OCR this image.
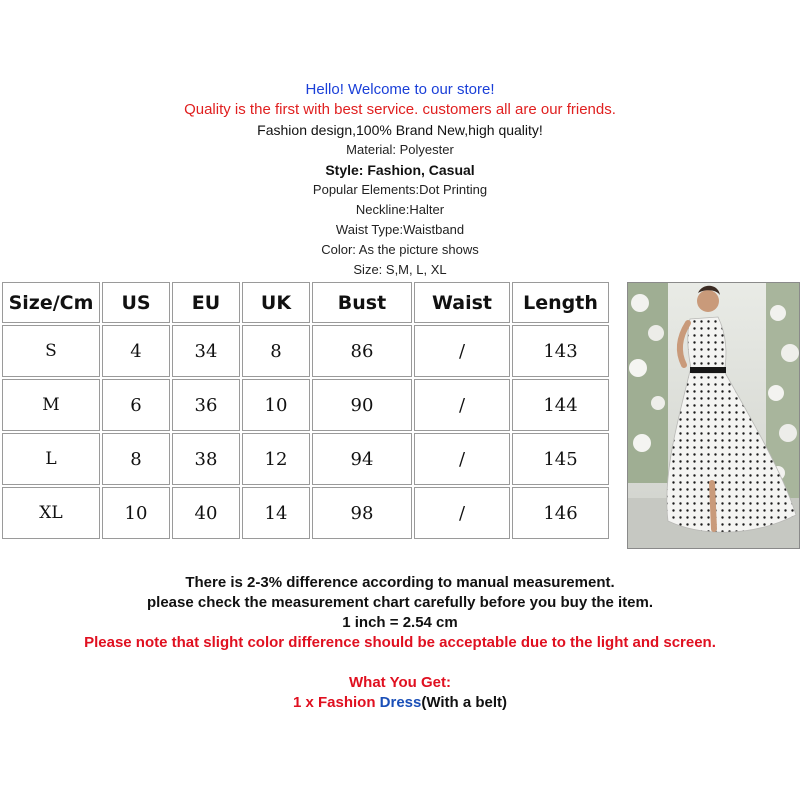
Hello! Welcome to our store!
Quality is the first with best service. customers all are our friends.
Fashion design,100% Brand New,high quality!
Material: Polyester
Style: Fashion, Casual
Popular Elements:Dot Printing
Neckline:Halter
Waist Type:Waistband
Color: As the picture shows
Size: S,M, L, XL
Size/Cm	US	EU	UK	Bust	Waist	Length
S	4	34	8	86	/	143
M	6	36	10	90	/	144
L	8	38	12	94	/	145
XL	10	40	14	98	/	146
There is 2-3% difference according to manual measurement.
please check the measurement chart carefully before you buy the item.
1 inch = 2.54 cm
Please note that slight color difference should be acceptable due to the light and screen.
What You Get:
1 x Fashion Dress(With a belt)
